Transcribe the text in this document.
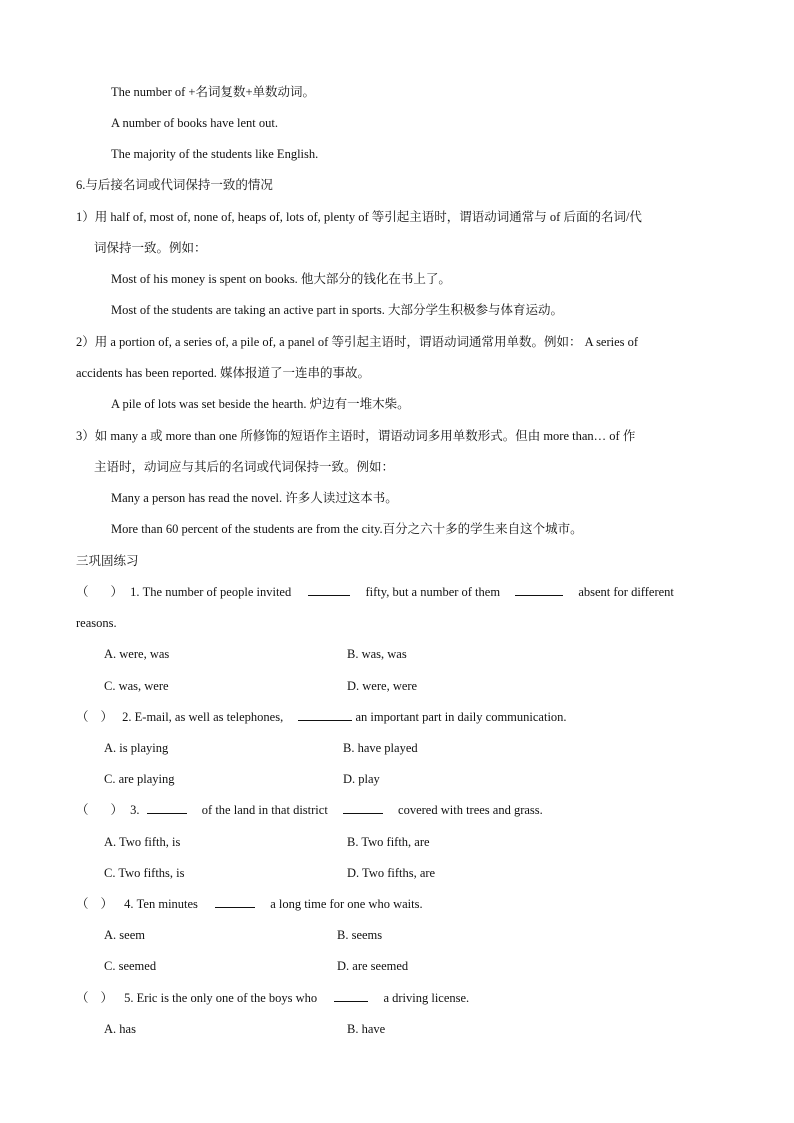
The number of +名词复数+单数动词。
A number of books have lent out.
The majority of the students like English.
6.与后接名词或代词保持一致的情况
1）用 half of, most of, none of, heaps of, lots of, plenty of 等引起主语时，谓语动词通常与 of 后面的名词/代
词保持一致。例如：
Most of his money is spent on books. 他大部分的钱化在书上了。
Most of the students are taking an active part in sports. 大部分学生积极参与体育运动。
2）用 a portion of, a series of, a pile of, a panel of 等引起主语时，谓语动词通常用单数。例如： A series of
accidents has been reported. 媒体报道了一连串的事故。
A pile of lots was set beside the hearth. 炉边有一堆木柴。
3）如 many a 或 more than one 所修饰的短语作主语时，谓语动词多用单数形式。但由 more than… of 作
主语时，动词应与其后的名词或代词保持一致。例如：
Many a person has read the novel. 许多人读过这本书。
More than 60 percent of the students are from the city.百分之六十多的学生来自这个城市。
三巩固练习
（ ） 1. The number of people invited	fifty, but a number of them	absent for different
reasons.
A. were, was	B. was, was
C. was, were	D. were, were
（ ） 2. E-mail, as well as telephones,	an important part in daily communication.
A. is playing	B. have played
C. are playing	D. play
（ ） 3.	of the land in that district	covered with trees and grass.
A. Two fifth, is	B. Two fifth, are
C. Two fifths, is	D. Two fifths, are
（ ） 4. Ten minutes	a long time for one who waits.
A. seem	B. seems
C. seemed	D. are seemed
（ ） 5. Eric is the only one of the boys who	a driving license.
A. has	B. have
